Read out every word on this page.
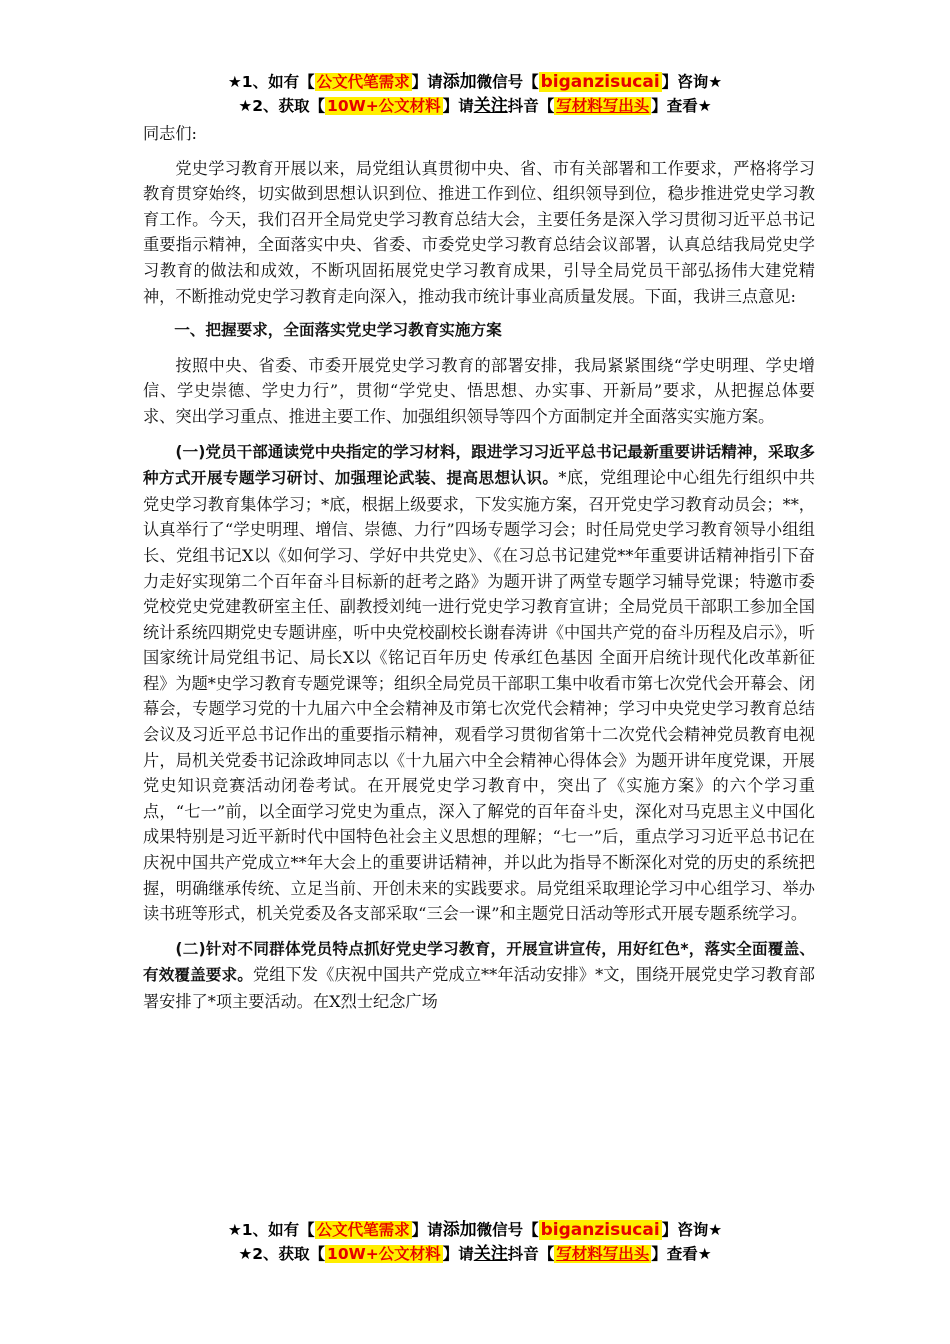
★1、如有【 公文代笔需求 】请添加微信号【 biganzisucai 】咨询★
★2、获取【 10W+公文材料 】请关注抖音【 写材料写出头 】查看★

同志们:

党史学习教育开展以来，局党组认真贯彻中央、省、市有关部署和工作要求，严格将学习教育贯穿始终，切实做到思想认识到位、推进工作到位、组织领导到位，稳步推进党史学习教育工作。今天，我们召开全局党史学习教育总结大会，主要任务是深入学习贯彻习近平总书记重要指示精神，全面落实中央、省委、市委党史学习教育总结会议部署，认真总结我局党史学习教育的做法和成效，不断巩固拓展党史学习教育成果，引导全局党员干部弘扬伟大建党精神，不断推动党史学习教育走向深入，推动我市统计事业高质量发展。下面，我讲三点意见:

一、把握要求，全面落实党史学习教育实施方案

按照中央、省委、市委开展党史学习教育的部署安排，我局紧紧围绕“学史明理、学史增信、学史崇德、学史力行”，贯彻“学党史、悟思想、办实事、开新局”要求，从把握总体要求、突出学习重点、推进主要工作、加强组织领导等四个方面制定并全面落实实施方案。

(一)党员干部通读党中央指定的学习材料，跟进学习习近平总书记最新重要讲话精神，采取多种方式开展专题学习研讨、加强理论武装、提高思想认识。*底，党组理论中心组先行组织中共党史学习教育集体学习；*底，根据上级要求，下发实施方案，召开党史学习教育动员会；**，认真举行了“学史明理、增信、崇德、力行”四场专题学习会；时任局党史学习教育领导小组组长、党组书记X以《如何学习、学好中共党史》、《在习总书记建党**年重要讲话精神指引下奋力走好实现第二个百年奋斗目标新的赶考之路》为题开讲了两堂专题学习辅导党课；特邀市委党校党史党建教研室主任、副教授刘纯一进行党史学习教育宣讲；全局党员干部职工参加全国统计系统四期党史专题讲座，听中央党校副校长谢春涛讲《中国共产党的奋斗历程及启示》，听国家统计局党组书记、局长X以《铭记百年历史 传承红色基因 全面开启统计现代化改革新征程》为题*史学习教育专题党课等；组织全局党员干部职工集中收看市第七次党代会开幕会、闭幕会，专题学习党的十九届六中全会精神及市第七次党代会精神；学习中央党史学习教育总结会议及习近平总书记作出的重要指示精神，观看学习贯彻省第十二次党代会精神党员教育电视片，局机关党委书记涂政坤同志以《十九届六中全会精神心得体会》为题开讲年度党课，开展党史知识竞赛活动闭卷考试。在开展党史学习教育中，突出了《实施方案》的六个学习重点，“七一”前，以全面学习党史为重点，深入了解党的百年奋斗史，深化对马克思主义中国化成果特别是习近平新时代中国特色社会主义思想的理解；“七一”后，重点学习习近平总书记在庆祝中国共产党成立**年大会上的重要讲话精神，并以此为指导不断深化对党的历史的系统把握，明确继承传统、立足当前、开创未来的实践要求。局党组采取理论学习中心组学习、举办读书班等形式，机关党委及各支部采取“三会一课”和主题党日活动等形式开展专题系统学习。

(二)针对不同群体党员特点抓好党史学习教育，开展宣讲宣传，用好红色*，落实全面覆盖、有效覆盖要求。党组下发《庆祝中国共产党成立**年活动安排》*文，围绕开展党史学习教育部署安排了*项主要活动。在X烈士纪念广场

★1、如有【 公文代笔需求 】请添加微信号【 biganzisucai 】咨询★
★2、获取【 10W+公文材料 】请关注抖音【 写材料写出头 】查看★
